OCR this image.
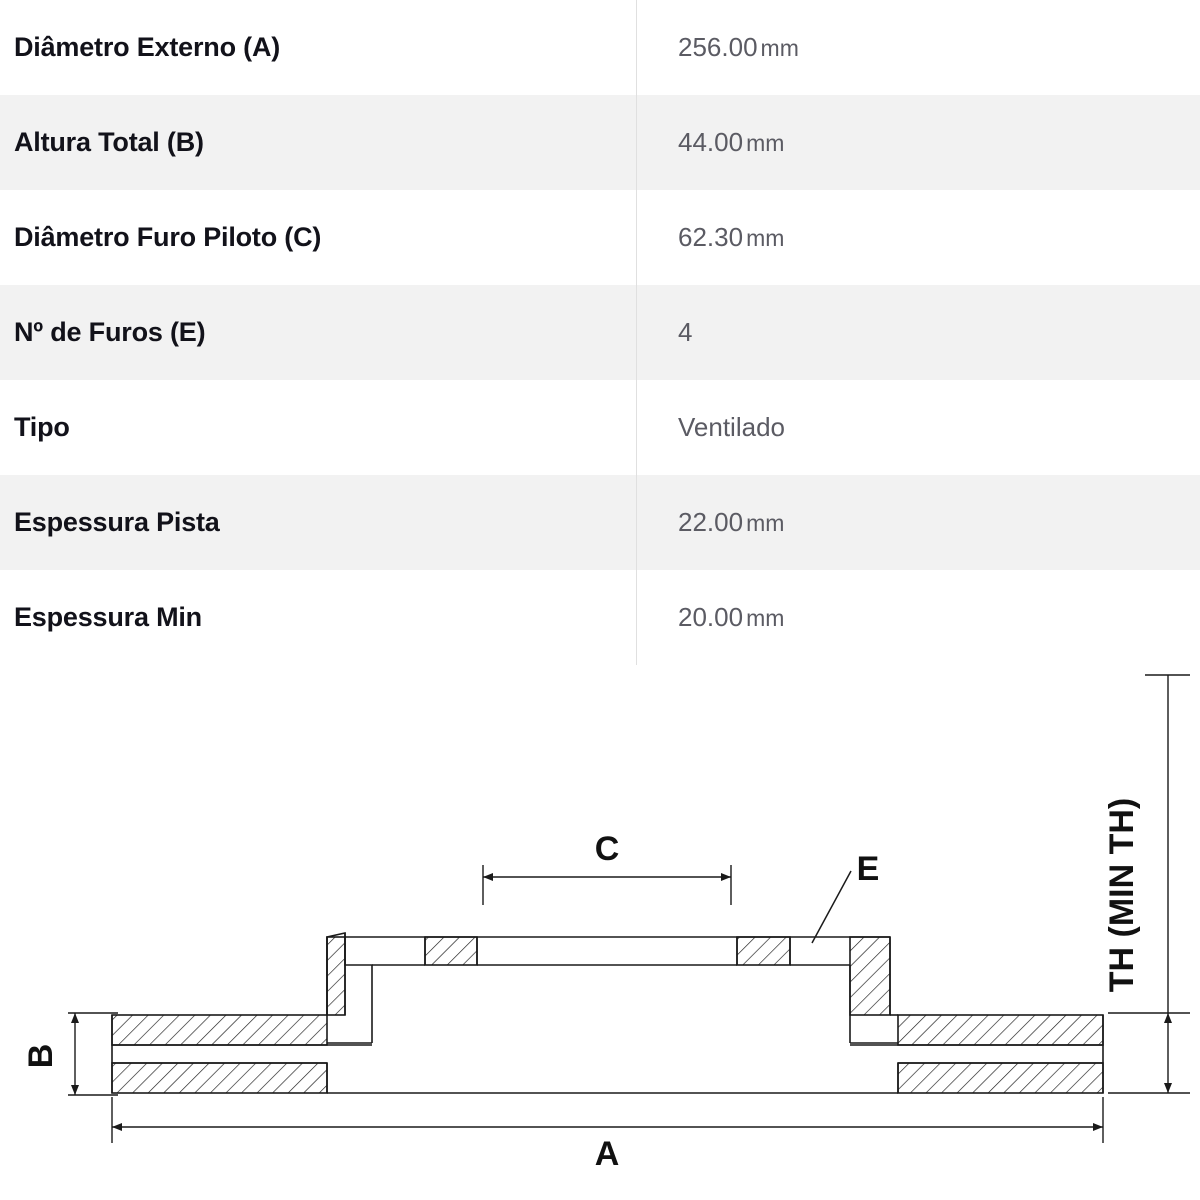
Diâmetro Externo (A)	256.00 mm
Altura Total (B)	44.00 mm
Diâmetro Furo Piloto (C)	62.30 mm
Nº de Furos (E)	4
Tipo	Ventilado
Espessura Pista	22.00 mm
Espessura Min	20.00 mm
B
A
C
E	TH (MIN TH)
